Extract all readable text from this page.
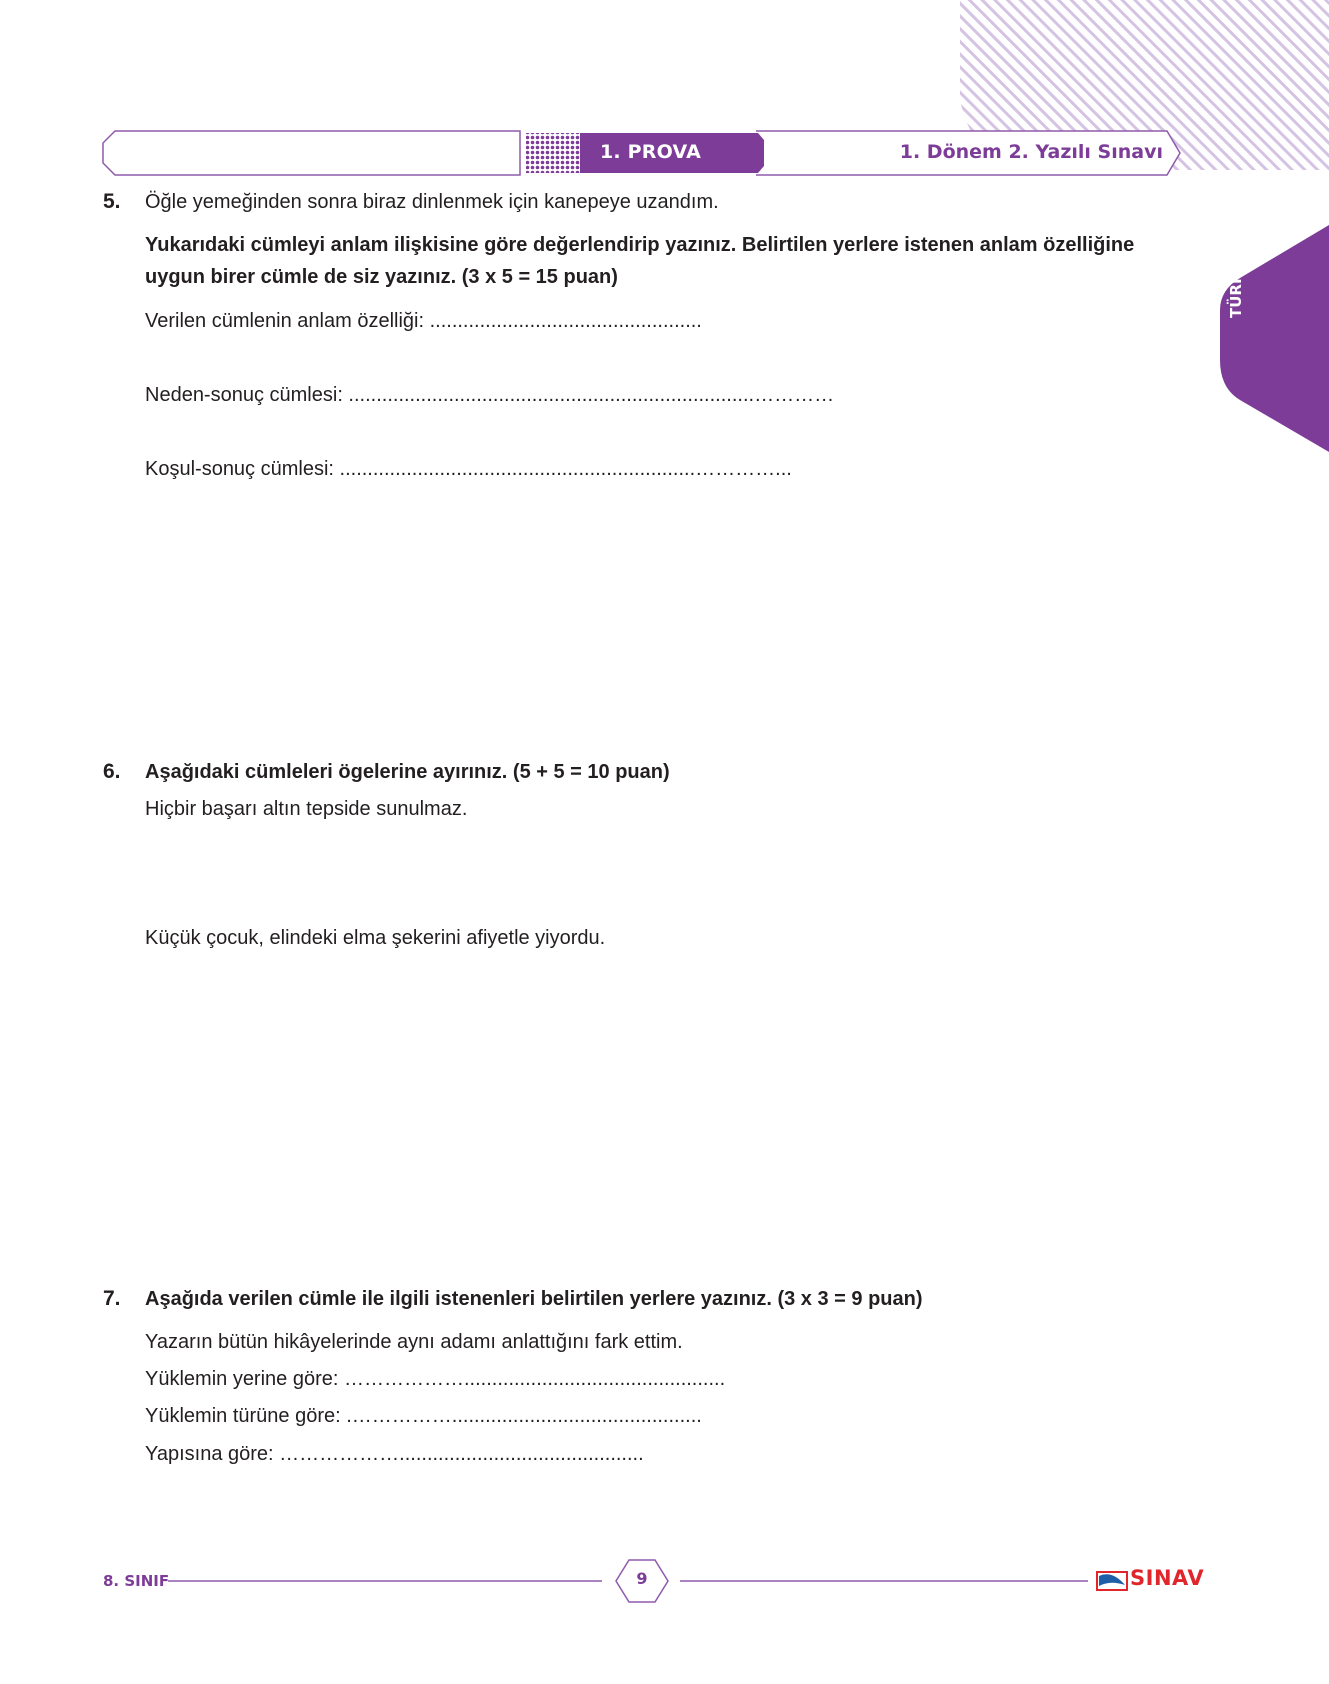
1. PROVA	1. Dönem 2. Yazılı Sınavı
TÜRKÇE
5. Öğle yemeğinden sonra biraz dinlenmek için kanepeye uzandım.
Yukarıdaki cümleyi anlam ilişkisine göre değerlendirip yazınız. Belirtilen yerlere istenen anlam özelliğine
uygun birer cümle de siz yazınız. (3 x 5 = 15 puan)
Verilen cümlenin anlam özelliği: .................................................
Neden-sonuç cümlesi: .........................................................................…………
Koşul-sonuç cümlesi: ................................................................…………...
6. Aşağıdaki cümleleri ögelerine ayırınız. (5 + 5 = 10 puan)
Hiçbir başarı altın tepside sunulmaz.
Küçük çocuk, elindeki elma şekerini afiyetle yiyordu.
7. Aşağıda verilen cümle ile ilgili istenenleri belirtilen yerlere yazınız. (3 x 3 = 9 puan)
Yazarın bütün hikâyelerinde aynı adamı anlattığını fark ettim.
Yüklemin yerine göre: ………………...............................................
Yüklemin türüne göre: .…………….............................................
Yapısına göre: ………………............................................
8. SINIF	9	SINAV
